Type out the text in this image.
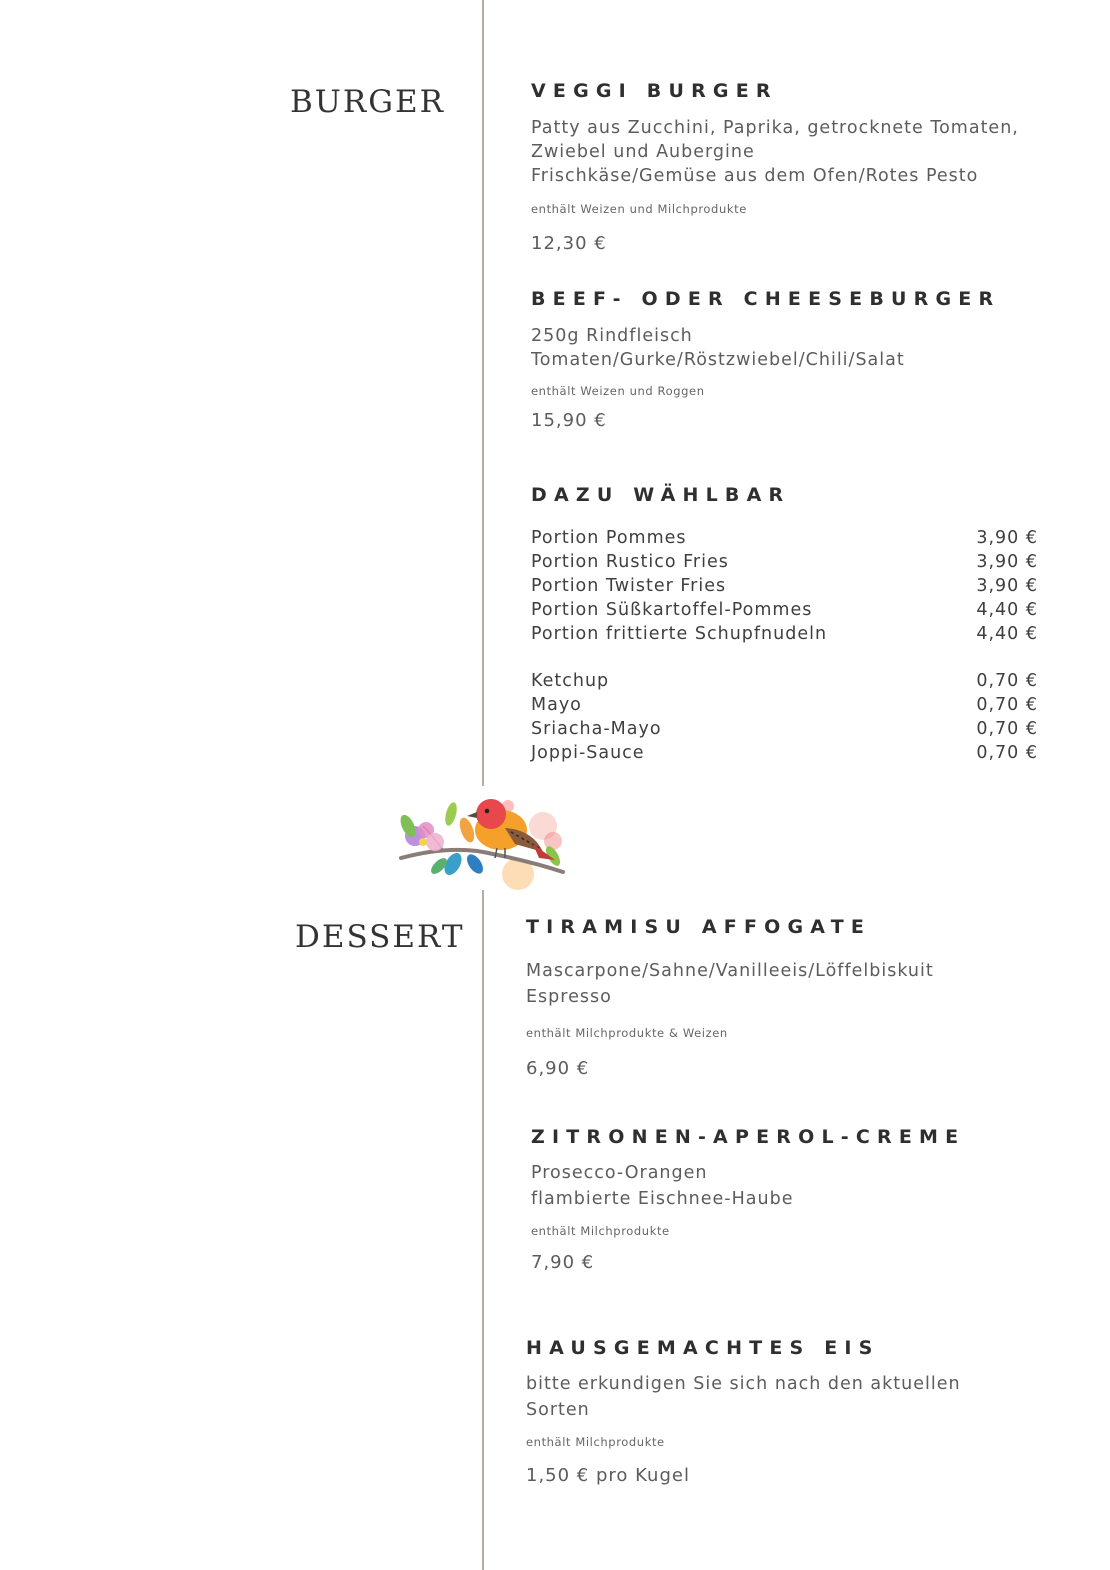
BURGER	VEGGI BURGER
Patty aus Zucchini, Paprika, getrocknete Tomaten,
Zwiebel und Aubergine
Frischkäse/Gemüse aus dem Ofen/Rotes Pesto
enthält Weizen und Milchprodukte
12,30 €
BEEF- ODER CHEESEBURGER
250g Rindfleisch
Tomaten/Gurke/Röstzwiebel/Chili/Salat
enthält Weizen und Roggen
15,90 €
DAZU WÄHLBAR
Portion Pommes	3,90 €
Portion Rustico Fries	3,90 €
Portion Twister Fries	3,90 €
Portion Süßkartoffel-Pommes	4,40 €
Portion frittierte Schupfnudeln	4,40 €
Ketchup	0,70 €
Mayo	0,70 €
Sriacha-Mayo	0,70 €
Joppi-Sauce	0,70 €
DESSERT	TIRAMISU AFFOGATE
Mascarpone/Sahne/Vanilleeis/Löffelbiskuit
Espresso
enthält Milchprodukte & Weizen
6,90 €
ZITRONEN-APEROL-CREME
Prosecco-Orangen
flambierte Eischnee-Haube
enthält Milchprodukte
7,90 €
HAUSGEMACHTES EIS
bitte erkundigen Sie sich nach den aktuellen
Sorten
enthält Milchprodukte
1,50 € pro Kugel
